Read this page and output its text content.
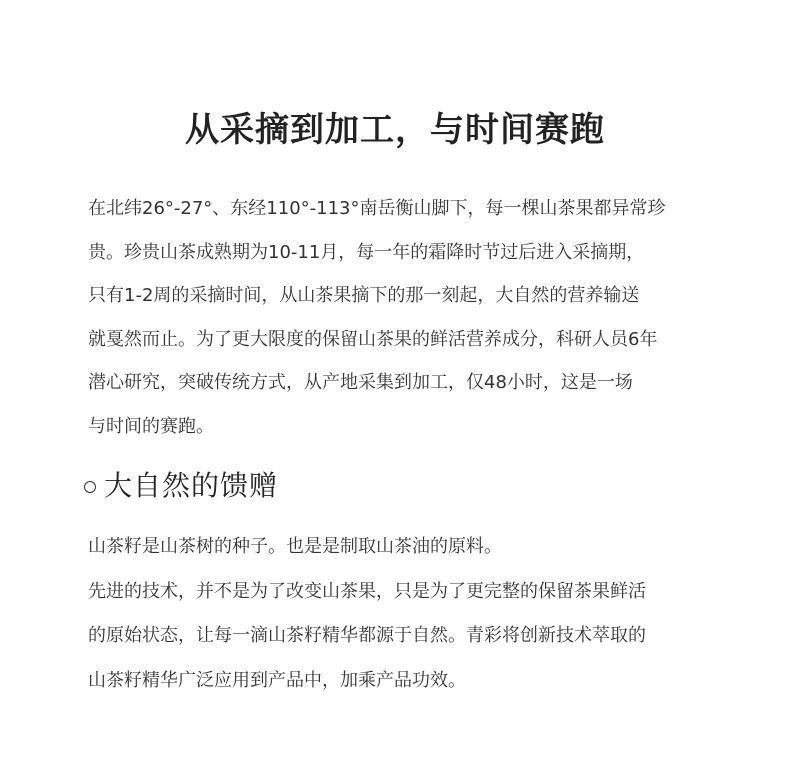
从采摘到加工，与时间赛跑

在北纬26°-27°、东经110°-113°南岳衡山脚下，每一棵山茶果都异常珍
贵。珍贵山茶成熟期为10-11月，每一年的霜降时节过后进入采摘期，
只有1-2周的采摘时间，从山茶果摘下的那一刻起，大自然的营养输送
就戛然而止。为了更大限度的保留山茶果的鲜活营养成分，科研人员6年
潜心研究，突破传统方式，从产地采集到加工，仅48小时，这是一场
与时间的赛跑。

大自然的馈赠

山茶籽是山茶树的种子。也是是制取山茶油的原料。
先进的技术，并不是为了改变山茶果，只是为了更完整的保留茶果鲜活
的原始状态，让每一滴山茶籽精华都源于自然。青彩将创新技术萃取的
山茶籽精华广泛应用到产品中，加乘产品功效。
